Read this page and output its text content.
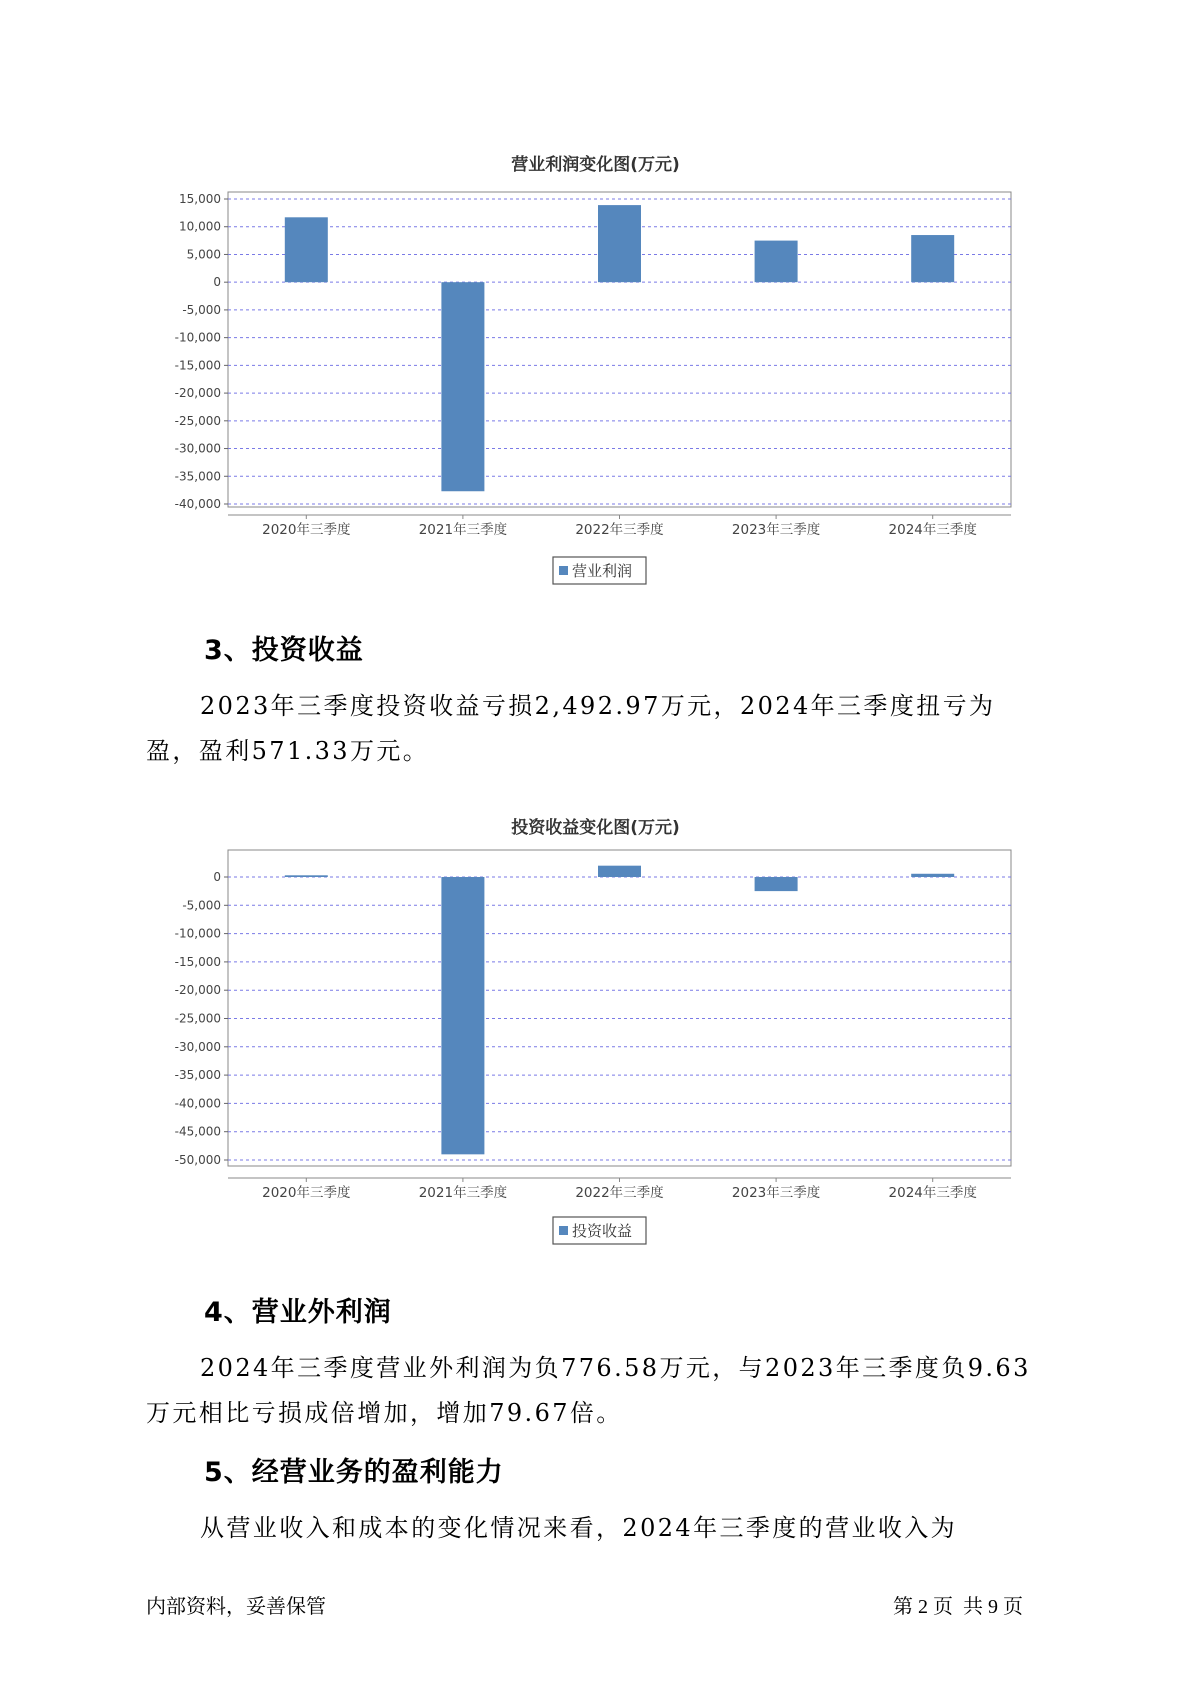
营业利润变化图(万元)
15,000
10,000
5,000
0
-5,000
-10,000
-15,000
-20,000
-25,000
-30,000
-35,000
-40,000
2020年三季度	2021年三季度	2022年三季度	2023年三季度	2024年三季度
营业利润
3、投资收益
2023年三季度投资收益亏损2,492.97万元，2024年三季度扭亏为盈，盈利571.33万元。
投资收益变化图(万元)
0
-5,000
-10,000
-15,000
-20,000
-25,000
-30,000
-35,000
-40,000
-45,000
-50,000
2020年三季度	2021年三季度	2022年三季度	2023年三季度	2024年三季度
投资收益
4、营业外利润
2024年三季度营业外利润为负776.58万元，与2023年三季度负9.63万元相比亏损成倍增加，增加79.67倍。
5、经营业务的盈利能力
从营业收入和成本的变化情况来看，2024年三季度的营业收入为
内部资料，妥善保管	第 2 页  共 9 页
